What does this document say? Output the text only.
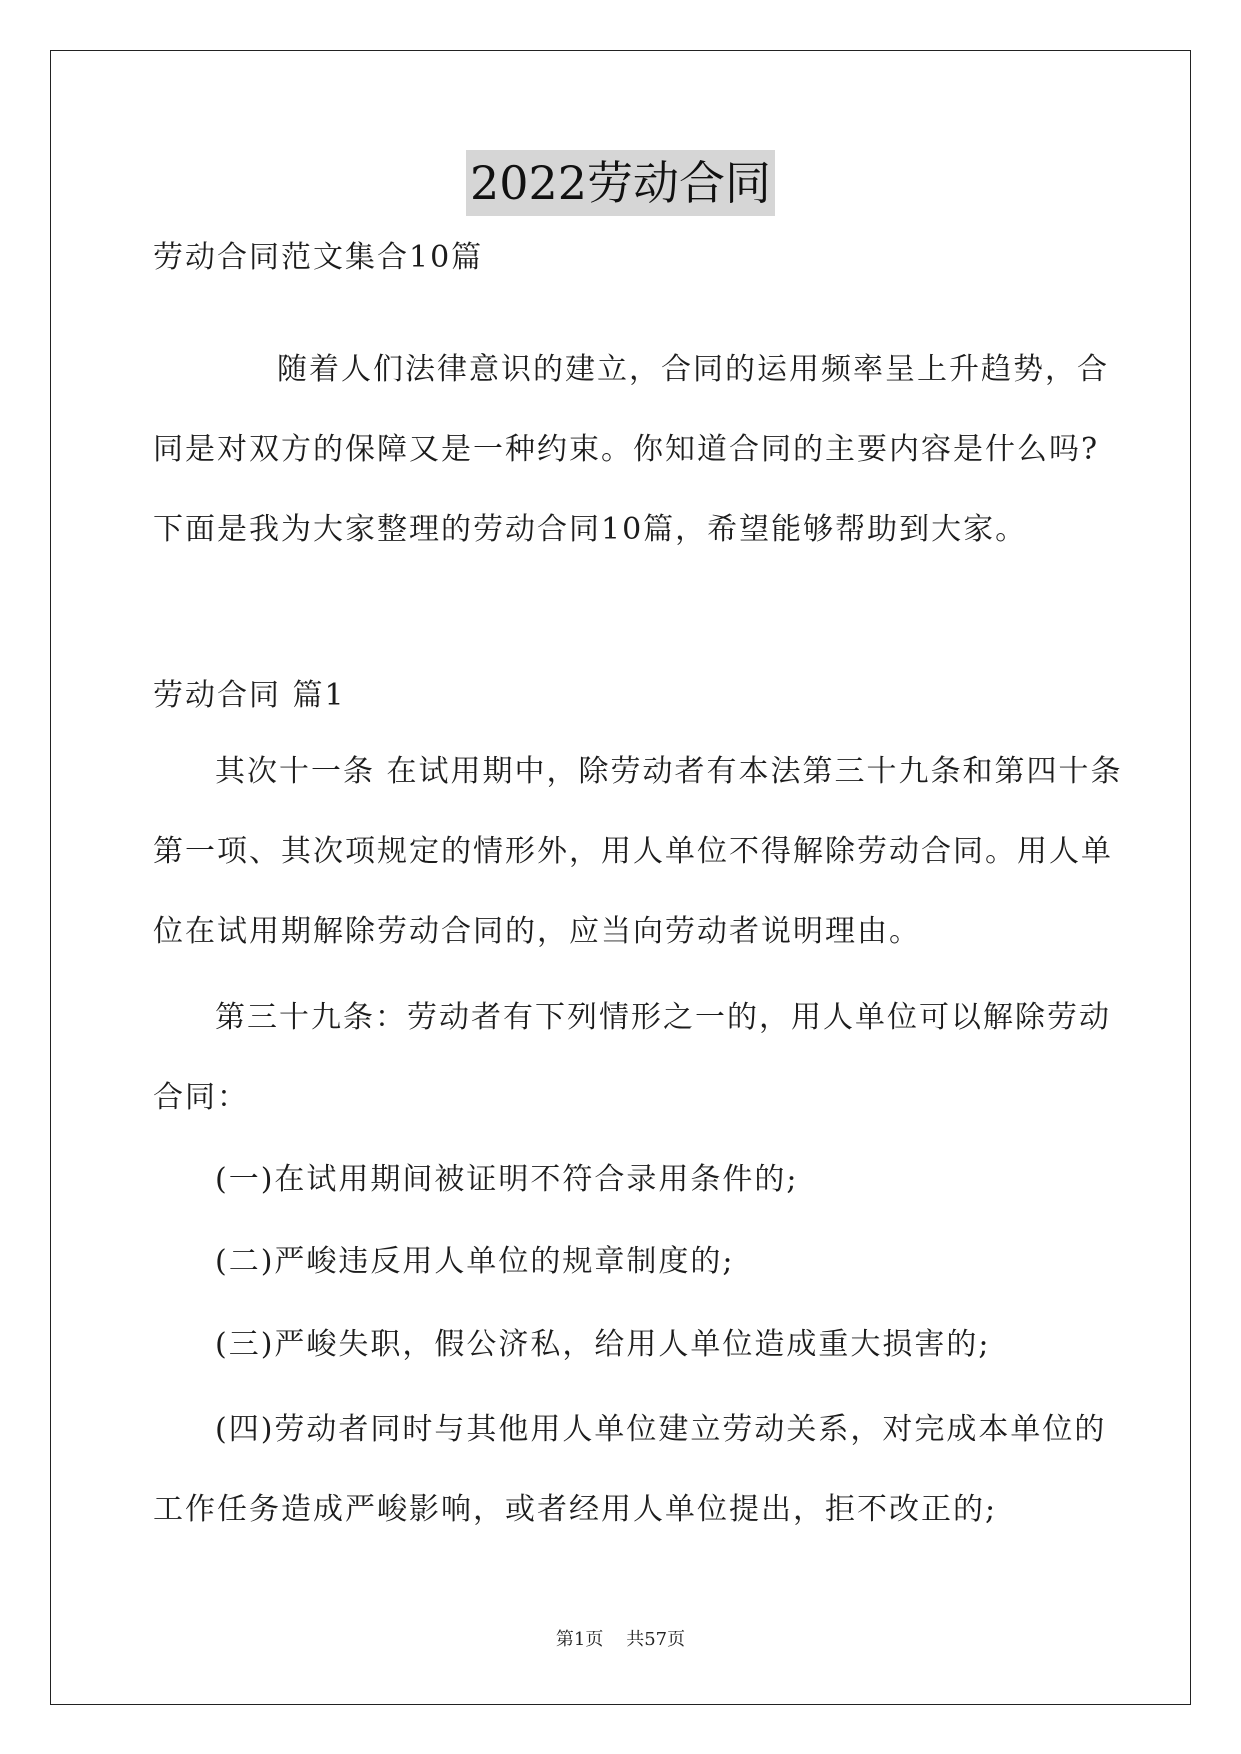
2022劳动合同
劳动合同范文集合10篇
随着人们法律意识的建立，合同的运用频率呈上升趋势，合
同是对双方的保障又是一种约束。你知道合同的主要内容是什么吗?
下面是我为大家整理的劳动合同10篇，希望能够帮助到大家。
劳动合同 篇1
其次十一条 在试用期中，除劳动者有本法第三十九条和第四十条
第一项、其次项规定的情形外，用人单位不得解除劳动合同。用人单
位在试用期解除劳动合同的，应当向劳动者说明理由。
第三十九条：劳动者有下列情形之一的，用人单位可以解除劳动
合同：
(一)在试用期间被证明不符合录用条件的;
(二)严峻违反用人单位的规章制度的;
(三)严峻失职，假公济私，给用人单位造成重大损害的;
(四)劳动者同时与其他用人单位建立劳动关系，对完成本单位的
工作任务造成严峻影响，或者经用人单位提出，拒不改正的;
第1页 共57页
